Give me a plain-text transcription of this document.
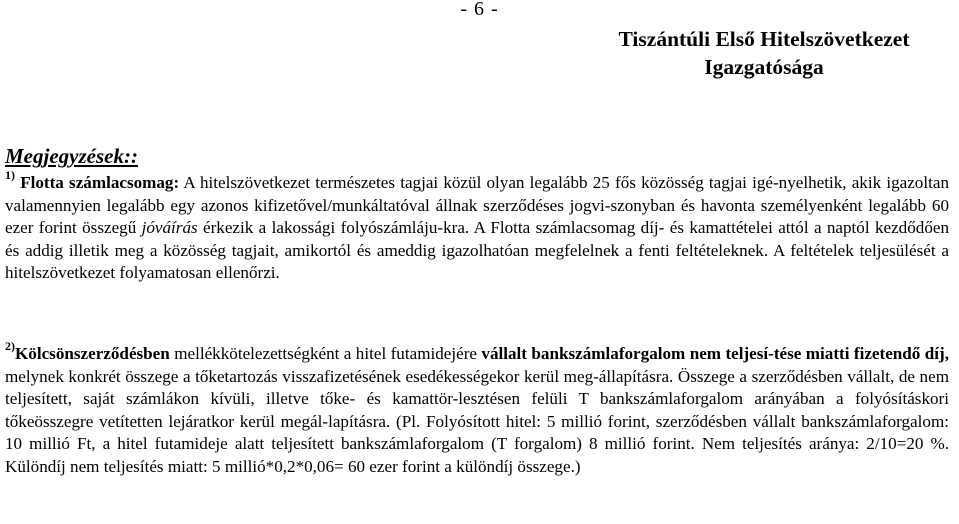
- 6 -
Tiszántúli Első Hitelszövetkezet
Igazgatósága
Megjegyzések::
$^{1)}$ Flotta számlacsomag: A hitelszövetkezet természetes tagjai közül olyan legalább 25 fős közösség tagjai igé-nyelhetik, akik igazoltan valamennyien legalább egy azonos kifizetővel/munkáltatóval állnak szerződéses jogvi-szonyban és havonta személyenként legalább 60 ezer forint összegű jóváírás érkezik a lakossági folyószámláju-kra. A Flotta számlacsomag díj- és kamattételei attól a naptól kezdődően és addig illetik meg a közösség tagjait, amikortól és ameddig igazolhatóan megfelelnek a fenti feltételeknek. A feltételek teljesülését a hitelszövetkezet folyamatosan ellenőrzi.
$^{2)}$Kölcsönszerződésben mellékkötelezettségként a hitel futamidejére vállalt bankszámlaforgalom nem teljesí-tése miatti fizetendő díj, melynek konkrét összege a tőketartozás visszafizetésének esedékességekor kerül meg-állapításra. Összege a szerződésben vállalt, de nem teljesített, saját számlákon kívüli, illetve tőke- és kamattör-lesztésen felüli T bankszámlaforgalom arányában a folyósításkori tőkeösszegre vetítetten lejáratkor kerül megál-lapításra. (Pl. Folyósított hitel: 5 millió forint, szerződésben vállalt bankszámlaforgalom: 10 millió Ft, a hitel futamideje alatt teljesített bankszámlaforgalom (T forgalom) 8 millió forint. Nem teljesítés aránya: 2/10=20 %. Különdíj nem teljesítés miatt: 5 millió*0,2*0,06= 60 ezer forint a különdíj összege.)
